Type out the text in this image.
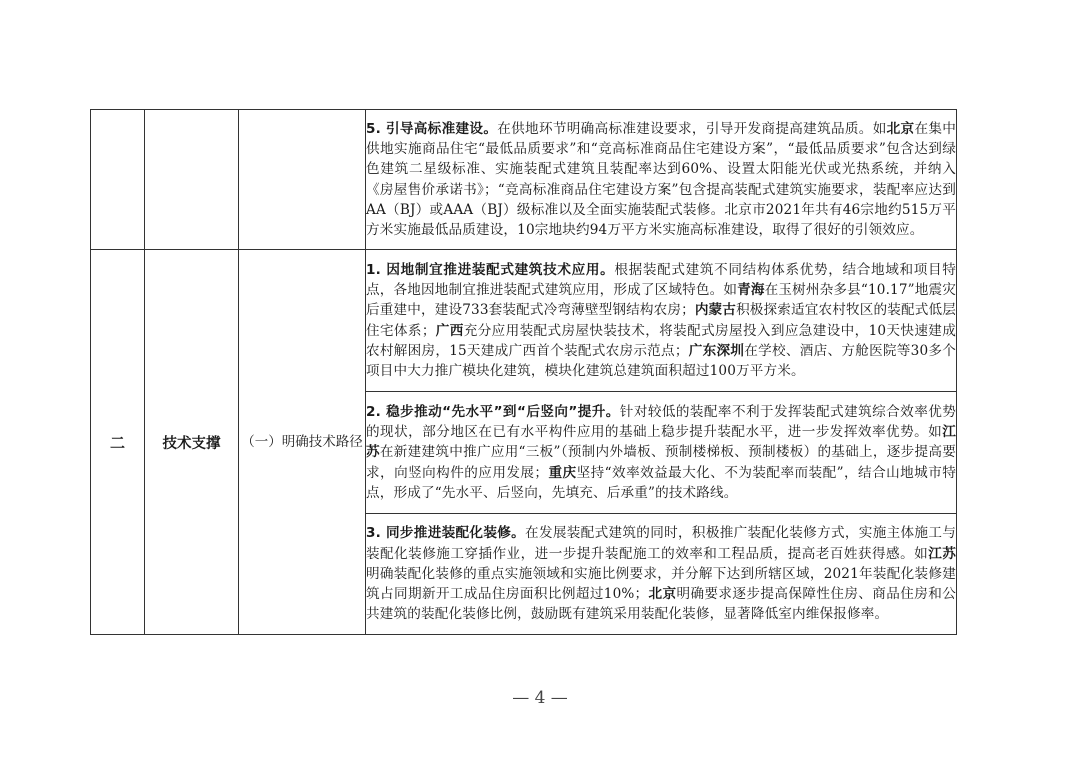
			5. 引导高标准建设。在供地环节明确高标准建设要求，引导开发商提高建筑品质。如北京在集中供地实施商品住宅“最低品质要求”和“竞高标准商品住宅建设方案”，“最低品质要求”包含达到绿色建筑二星级标准、实施装配式建筑且装配率达到60%、设置太阳能光伏或光热系统，并纳入《房屋售价承诺书》；“竞高标准商品住宅建设方案”包含提高装配式建筑实施要求，装配率应达到AA（BJ）或AAA（BJ）级标准以及全面实施装配式装修。北京市2021年共有46宗地约515万平方米实施最低品质建设，10宗地块约94万平方米实施高标准建设，取得了很好的引领效应。

二	技术支撑	（一）明确技术路径	1. 因地制宜推进装配式建筑技术应用。根据装配式建筑不同结构体系优势，结合地域和项目特点，各地因地制宜推进装配式建筑应用，形成了区域特色。如青海在玉树州杂多县“10.17”地震灾后重建中，建设733套装配式冷弯薄壁型钢结构农房；内蒙古积极探索适宜农村牧区的装配式低层住宅体系；广西充分应用装配式房屋快装技术，将装配式房屋投入到应急建设中，10天快速建成农村解困房，15天建成广西首个装配式农房示范点；广东深圳在学校、酒店、方舱医院等30多个项目中大力推广模块化建筑，模块化建筑总建筑面积超过100万平方米。

			2. 稳步推动“先水平”到“后竖向”提升。针对较低的装配率不利于发挥装配式建筑综合效率优势的现状，部分地区在已有水平构件应用的基础上稳步提升装配水平，进一步发挥效率优势。如江苏在新建建筑中推广应用“三板”（预制内外墙板、预制楼梯板、预制楼板）的基础上，逐步提高要求，向竖向构件的应用发展；重庆坚持“效率效益最大化、不为装配率而装配”，结合山地城市特点，形成了“先水平、后竖向，先填充、后承重”的技术路线。

			3. 同步推进装配化装修。在发展装配式建筑的同时，积极推广装配化装修方式，实施主体施工与装配化装修施工穿插作业，进一步提升装配施工的效率和工程品质，提高老百姓获得感。如江苏明确装配化装修的重点实施领域和实施比例要求，并分解下达到所辖区域，2021年装配化装修建筑占同期新开工成品住房面积比例超过10%；北京明确要求逐步提高保障性住房、商品住房和公共建筑的装配化装修比例，鼓励既有建筑采用装配化装修，显著降低室内维保报修率。
— 4 —
